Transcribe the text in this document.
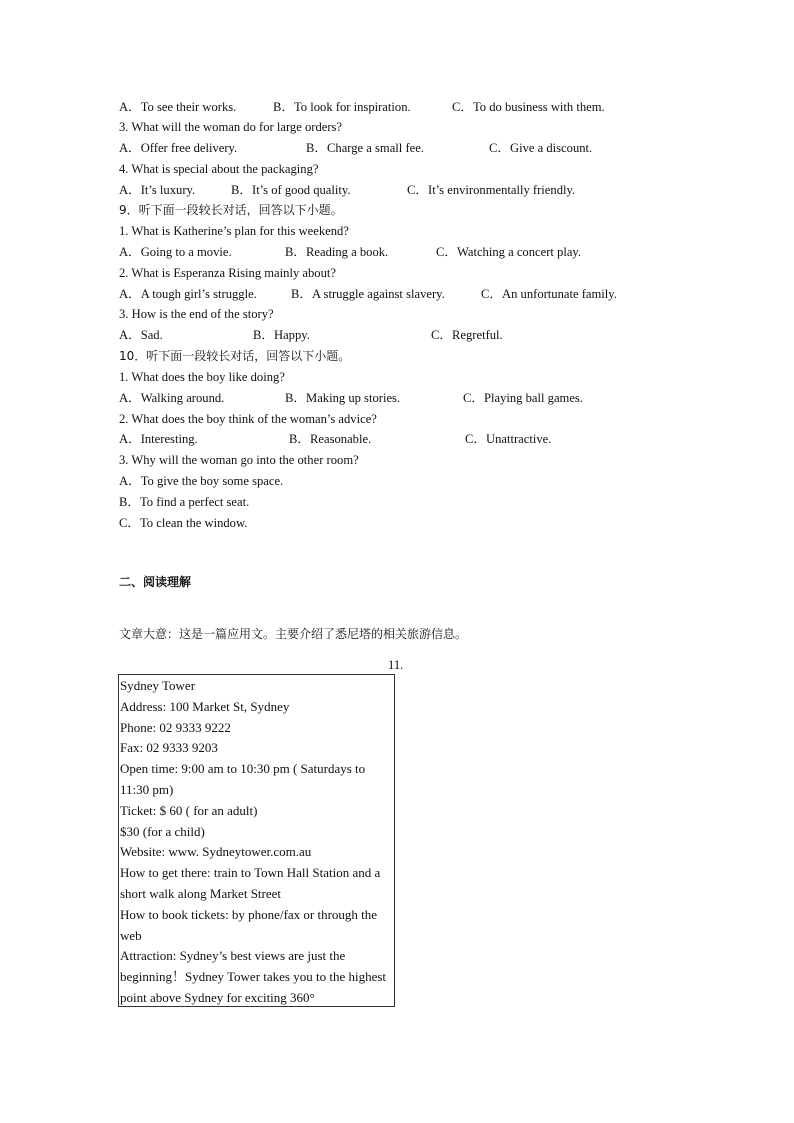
A．To see their works.	B．To look for inspiration.	C．To do business with them.
3. What will the woman do for large orders?
A．Offer free delivery.	B．Charge a small fee.	C．Give a discount.
4. What is special about the packaging?
A．It’s luxury.	B．It’s of good quality.	C．It’s environmentally friendly.
9．听下面一段较长对话，回答以下小题。
1. What is Katherine’s plan for this weekend?
A．Going to a movie.	B．Reading a book.	C．Watching a concert play.
2. What is Esperanza Rising mainly about?
A．A tough girl’s struggle.	B．A struggle against slavery.	C．An unfortunate family.
3. How is the end of the story?
A．Sad.	B．Happy.	C．Regretful.
10．听下面一段较长对话，回答以下小题。
1. What does the boy like doing?
A．Walking around.	B．Making up stories.	C．Playing ball games.
2. What does the boy think of the woman’s advice?
A．Interesting.	B．Reasonable.	C．Unattractive.
3. Why will the woman go into the other room?
A．To give the boy some space.
B．To find a perfect seat.
C．To clean the window.
二、阅读理解
文章大意：这是一篇应用文。主要介绍了悉尼塔的相关旅游信息。
11.
Sydney Tower
Address: 100 Market St, Sydney
Phone: 02 9333 9222
Fax: 02 9333 9203
Open time: 9:00 am to 10:30 pm ( Saturdays to 11:30 pm)
Ticket: $ 60 ( for an adult)
$30 (for a child)
Website: www. Sydneytower.com.au
How to get there: train to Town Hall Station and a short walk along Market Street
How to book tickets: by phone/fax or through the web
Attraction: Sydney’s best views are just the beginning！Sydney Tower takes you to the highest point above Sydney for exciting 360°
